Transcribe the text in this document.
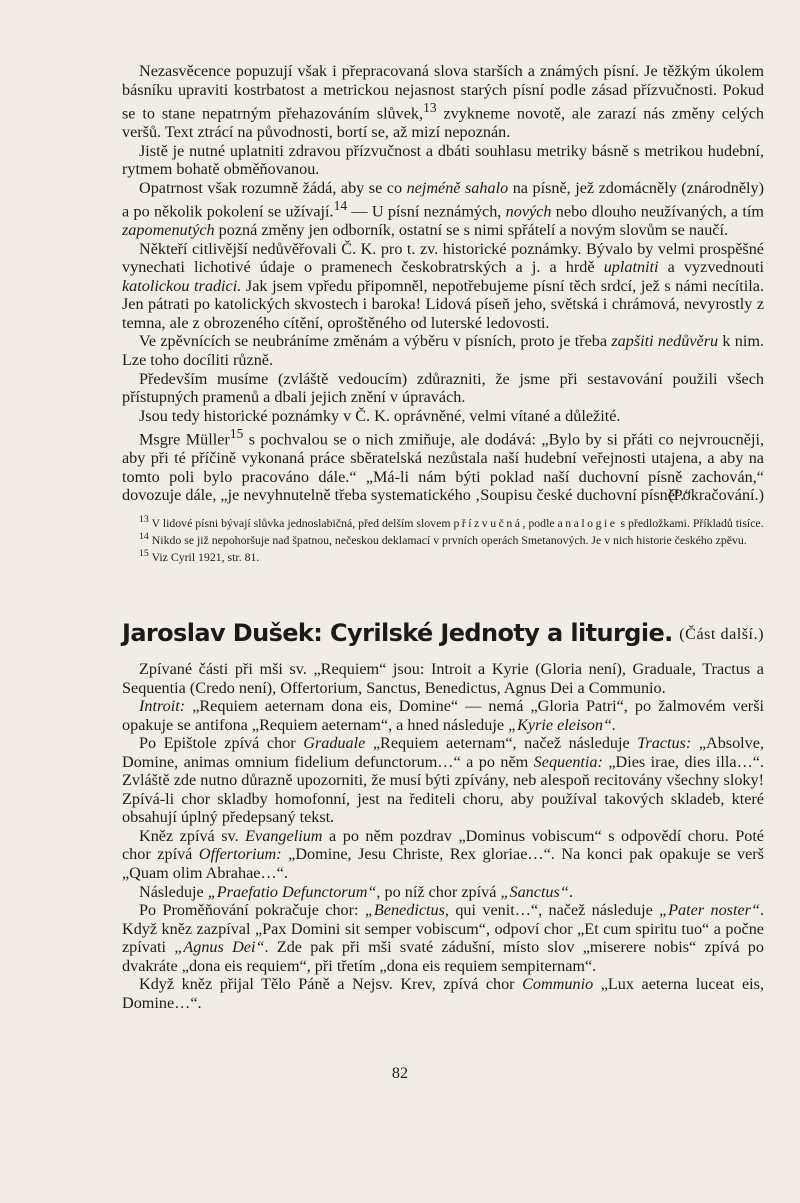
Nezasvěcence popuzují však i přepracovaná slova starších a známých písní. Je těžkým úkolem básníku upraviti kostrbatost a metrickou nejasnost starých písní podle zásad přízvučnosti. Pokud se to stane nepatrným přehazováním slůvek,$^{13}$ zvykneme novotě, ale zarazí nás změny celých veršů. Text ztrácí na původnosti, bortí se, až mizí nepoznán.

Jistě je nutné uplatniti zdravou přízvučnost a dbáti souhlasu metriky básně s metrikou hudební, rytmem bohatě obměňovanou.

Opatrnost však rozumně žádá, aby se co nejméně sahalo na písně, jež zdomácněly (znárodněly) a po několik pokolení se užívají.$^{14}$ — U písní neznámých, nových nebo dlouho neužívaných, a tím zapomenutých pozná změny jen odborník, ostatní se s nimi spřátelí a novým slovům se naučí.

Někteří citlivější nedůvěřovali Č. K. pro t. zv. historické poznámky. Bývalo by velmi prospěšné vynechati lichotivé údaje o pramenech českobratrských a j. a hrdě uplatniti a vyzvednouti katolickou tradici. Jak jsem vpředu připomněl, nepotřebujeme písní těch srdcí, jež s námi necítila. Jen pátrati po katolických skvostech i baroka! Lidová píseň jeho, světská i chrámová, nevyrostly z temna, ale z obrozeného cítění, oproštěného od luterské ledovosti.

Ve zpěvnících se neubráníme změnám a výběru v písních, proto je třeba zapšiti nedůvěru k nim. Lze toho docíliti různě.

Především musíme (zvláště vedoucím) zdůrazniti, že jsme při sestavování použili všech přístupných pramenů a dbali jejich znění v úpravách.

Jsou tedy historické poznámky v Č. K. oprávněné, velmi vítané a důležité.

Msgre Müller$^{15}$ s pochvalou se o nich zmiňuje, ale dodává: „Bylo by si přáti co nejvroucněji, aby při té příčině vykonaná práce sběratelská nezůstala naší hudební veřejnosti utajena, a aby na tomto poli bylo pracováno dále.“ „Má-li nám býti poklad naší duchovní písně zachován,“ dovozuje dále, „je nevyhnutelně třeba systematického ‚Soupisu české duchovní písně‘.“

(Pokračování.)
$^{13}$ V lidové písni bývají slůvka jednoslabičná, před delším slovem přízvučná, podle analogie s předložkami. Příkladů tisíce.
$^{14}$ Nikdo se již nepohoršuje nad špatnou, nečeskou deklamací v prvních operách Smetanových. Je v nich historie českého zpěvu.
$^{15}$ Viz Cyril 1921, str. 81.
Jaroslav Dušek: Cyrilské Jednoty a liturgie. (Část další.)

Zpívané části při mši sv. „Requiem“ jsou: Introit a Kyrie (Gloria není), Graduale, Tractus a Sequentia (Credo není), Offertorium, Sanctus, Benedictus, Agnus Dei a Communio.

Introit: „Requiem aeternam dona eis, Domine“ — nemá „Gloria Patri“, po žalmovém verši opakuje se antifona „Requiem aeternam“, a hned následuje „Kyrie eleison“.

Po Epištole zpívá chor Graduale „Requiem aeternam“, načež následuje Tractus: „Absolve, Domine, animas omnium fidelium defunctorum…“ a po něm Sequentia: „Dies irae, dies illa…“. Zvláště zde nutno důrazně upozorniti, že musí býti zpívány, neb alespoň recitovány všechny sloky! Zpívá-li chor skladby homofonní, jest na řediteli choru, aby používal takových skladeb, které obsahují úplný předepsaný tekst.

Kněz zpívá sv. Evangelium a po něm pozdrav „Dominus vobiscum“ s odpovědí choru. Poté chor zpívá Offertorium: „Domine, Jesu Christe, Rex gloriae…“. Na konci pak opakuje se verš „Quam olim Abrahae…“.

Následuje „Praefatio Defunctorum“, po níž chor zpívá „Sanctus“.

Po Proměňování pokračuje chor: „Benedictus, qui venit…“, načež následuje „Pater noster“. Když kněz zazpíval „Pax Domini sit semper vobiscum“, odpoví chor „Et cum spiritu tuo“ a počne zpívati „Agnus Dei“. Zde pak při mši svaté zádušní, místo slov „miserere nobis“ zpívá po dvakráte „dona eis requiem“, při třetím „dona eis requiem sempiternam“.

Když kněz přijal Tělo Páně a Nejsv. Krev, zpívá chor Communio „Lux aeterna luceat eis, Domine…“.

82
